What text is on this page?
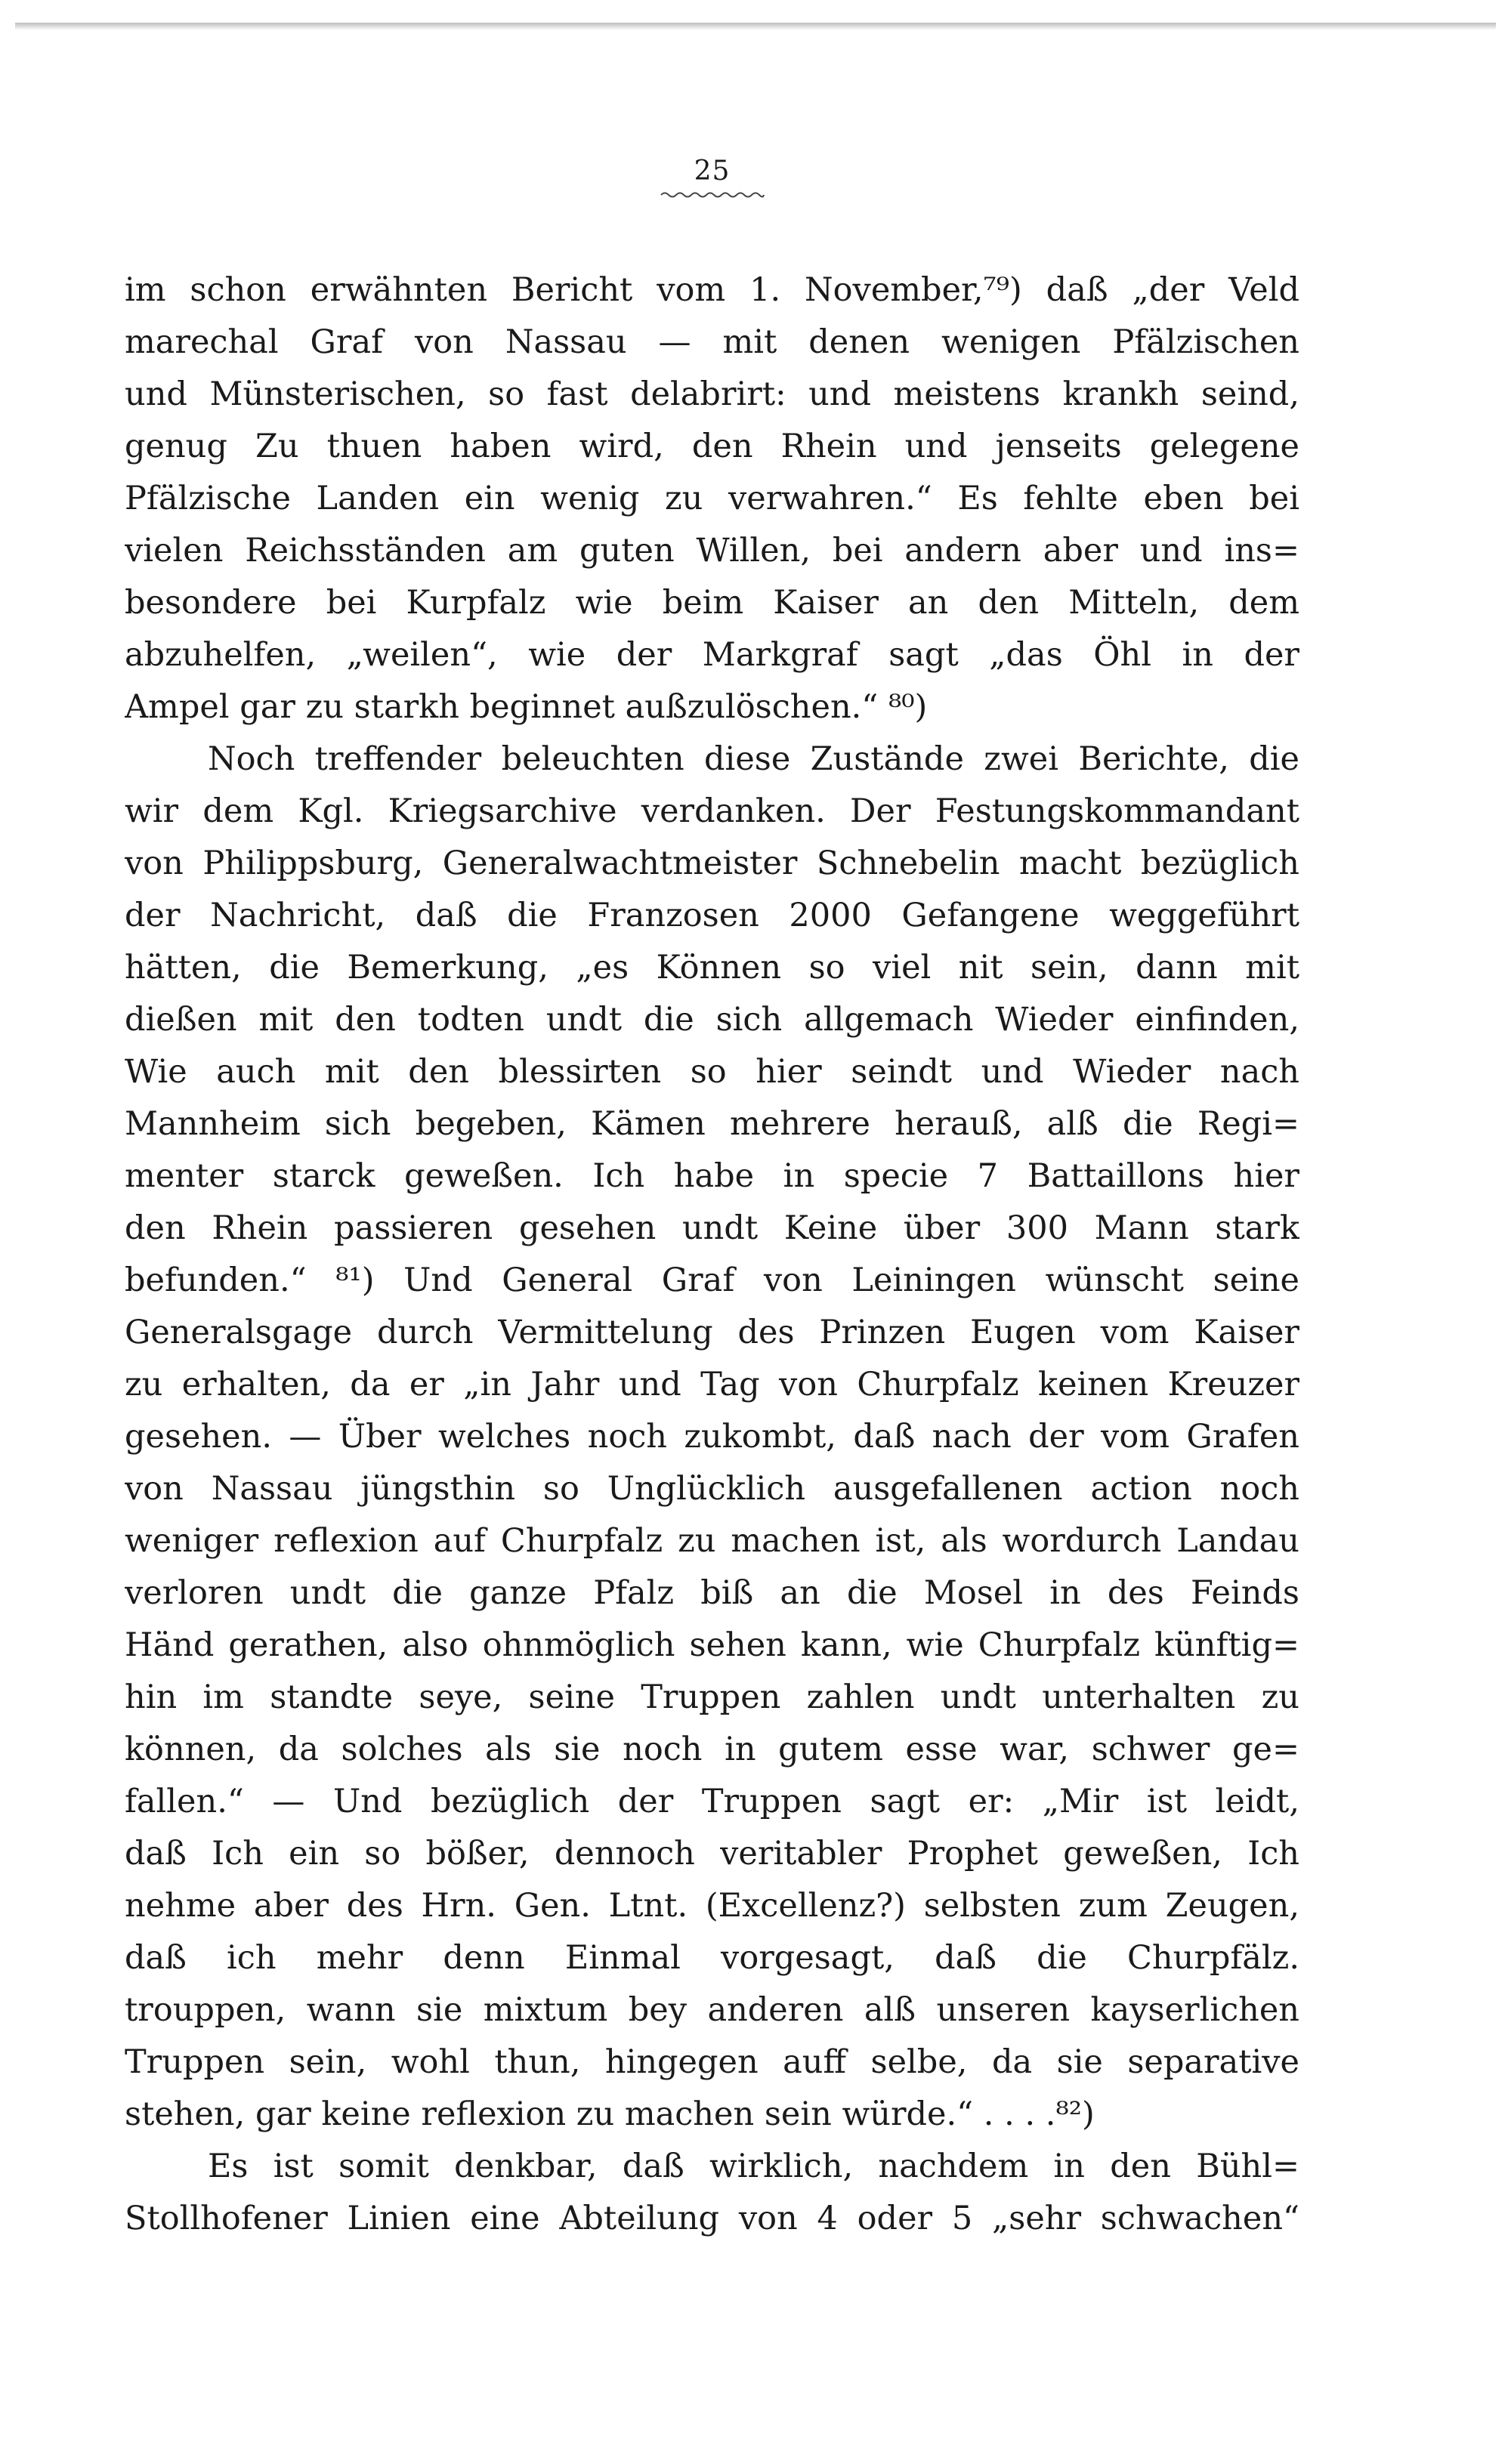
25
im schon erwähnten Bericht vom 1. November,⁷⁹) daß „der Veld
marechal Graf von Nassau — mit denen wenigen Pfälzischen
und Münsterischen, so fast delabrirt: und meistens krankh seind,
genug Zu thuen haben wird, den Rhein und jenseits gelegene
Pfälzische Landen ein wenig zu verwahren.“ Es fehlte eben bei
vielen Reichsständen am guten Willen, bei andern aber und ins=
besondere bei Kurpfalz wie beim Kaiser an den Mitteln, dem
abzuhelfen, „weilen“, wie der Markgraf sagt „das Öhl in der
Ampel gar zu starkh beginnet außzulöschen.“ ⁸⁰)
Noch treffender beleuchten diese Zustände zwei Berichte, die
wir dem Kgl. Kriegsarchive verdanken. Der Festungskommandant
von Philippsburg, Generalwachtmeister Schnebelin macht bezüglich
der Nachricht, daß die Franzosen 2000 Gefangene weggeführt
hätten, die Bemerkung, „es Können so viel nit sein, dann mit
dießen mit den todten undt die sich allgemach Wieder einfinden,
Wie auch mit den blessirten so hier seindt und Wieder nach
Mannheim sich begeben, Kämen mehrere herauß, alß die Regi=
menter starck geweßen. Ich habe in specie 7 Battaillons hier
den Rhein passieren gesehen undt Keine über 300 Mann stark
befunden.“ ⁸¹) Und General Graf von Leiningen wünscht seine
Generalsgage durch Vermittelung des Prinzen Eugen vom Kaiser
zu erhalten, da er „in Jahr und Tag von Churpfalz keinen Kreuzer
gesehen. — Über welches noch zukombt, daß nach der vom Grafen
von Nassau jüngsthin so Unglücklich ausgefallenen action noch
weniger reflexion auf Churpfalz zu machen ist, als wordurch Landau
verloren undt die ganze Pfalz biß an die Mosel in des Feinds
Händ gerathen, also ohnmöglich sehen kann, wie Churpfalz künftig=
hin im standte seye, seine Truppen zahlen undt unterhalten zu
können, da solches als sie noch in gutem esse war, schwer ge=
fallen.“ — Und bezüglich der Truppen sagt er: „Mir ist leidt,
daß Ich ein so bößer, dennoch veritabler Prophet geweßen, Ich
nehme aber des Hrn. Gen. Ltnt. (Excellenz?) selbsten zum Zeugen,
daß ich mehr denn Einmal vorgesagt, daß die Churpfälz.
trouppen, wann sie mixtum bey anderen alß unseren kayserlichen
Truppen sein, wohl thun, hingegen auff selbe, da sie separative
stehen, gar keine reflexion zu machen sein würde.“ . . . .⁸²)
Es ist somit denkbar, daß wirklich, nachdem in den Bühl=
Stollhofener Linien eine Abteilung von 4 oder 5 „sehr schwachen“
